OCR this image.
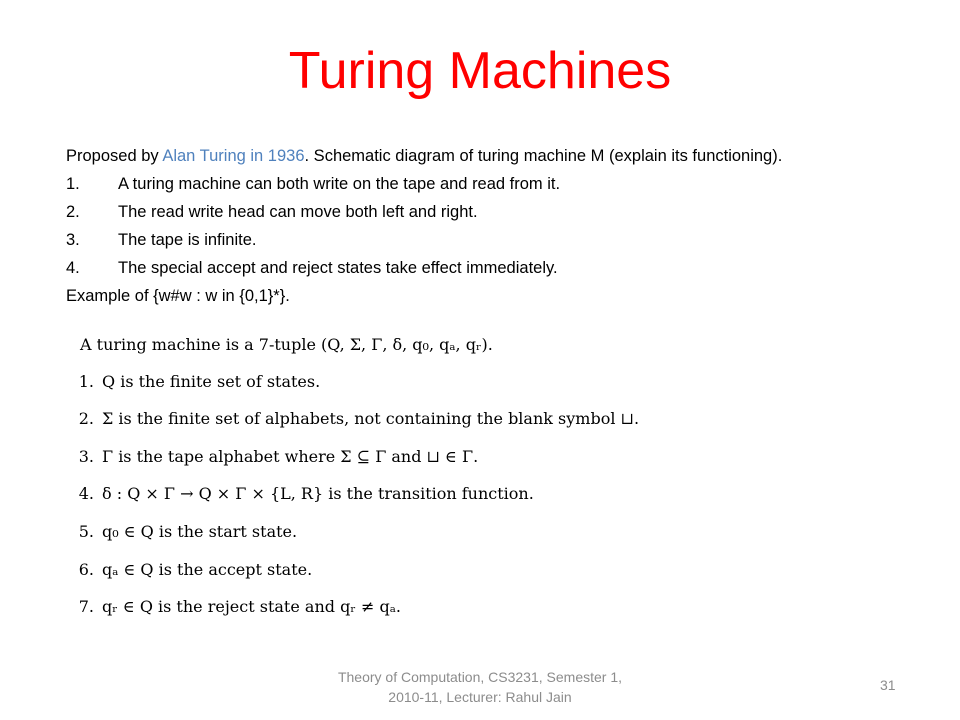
Turing Machines
Proposed by Alan Turing in 1936. Schematic diagram of turing machine M (explain its functioning).
1. A turing machine can both write on the tape and read from it.
2. The read write head can move both left and right.
3. The tape is infinite.
4. The special accept and reject states take effect immediately.
Example of {w#w : w in {0,1}*}.
A turing machine is a 7-tuple (Q, Σ, Γ, δ, q₀, qₐ, qᵣ).
1. Q is the finite set of states.
2. Σ is the finite set of alphabets, not containing the blank symbol ⊔.
3. Γ is the tape alphabet where Σ ⊆ Γ and ⊔ ∈ Γ.
4. δ : Q × Γ → Q × Γ × {L, R} is the transition function.
5. q₀ ∈ Q is the start state.
6. qₐ ∈ Q is the accept state.
7. qᵣ ∈ Q is the reject state and qᵣ ≠ qₐ.
Theory of Computation, CS3231, Semester 1, 2010-11, Lecturer: Rahul Jain
31
